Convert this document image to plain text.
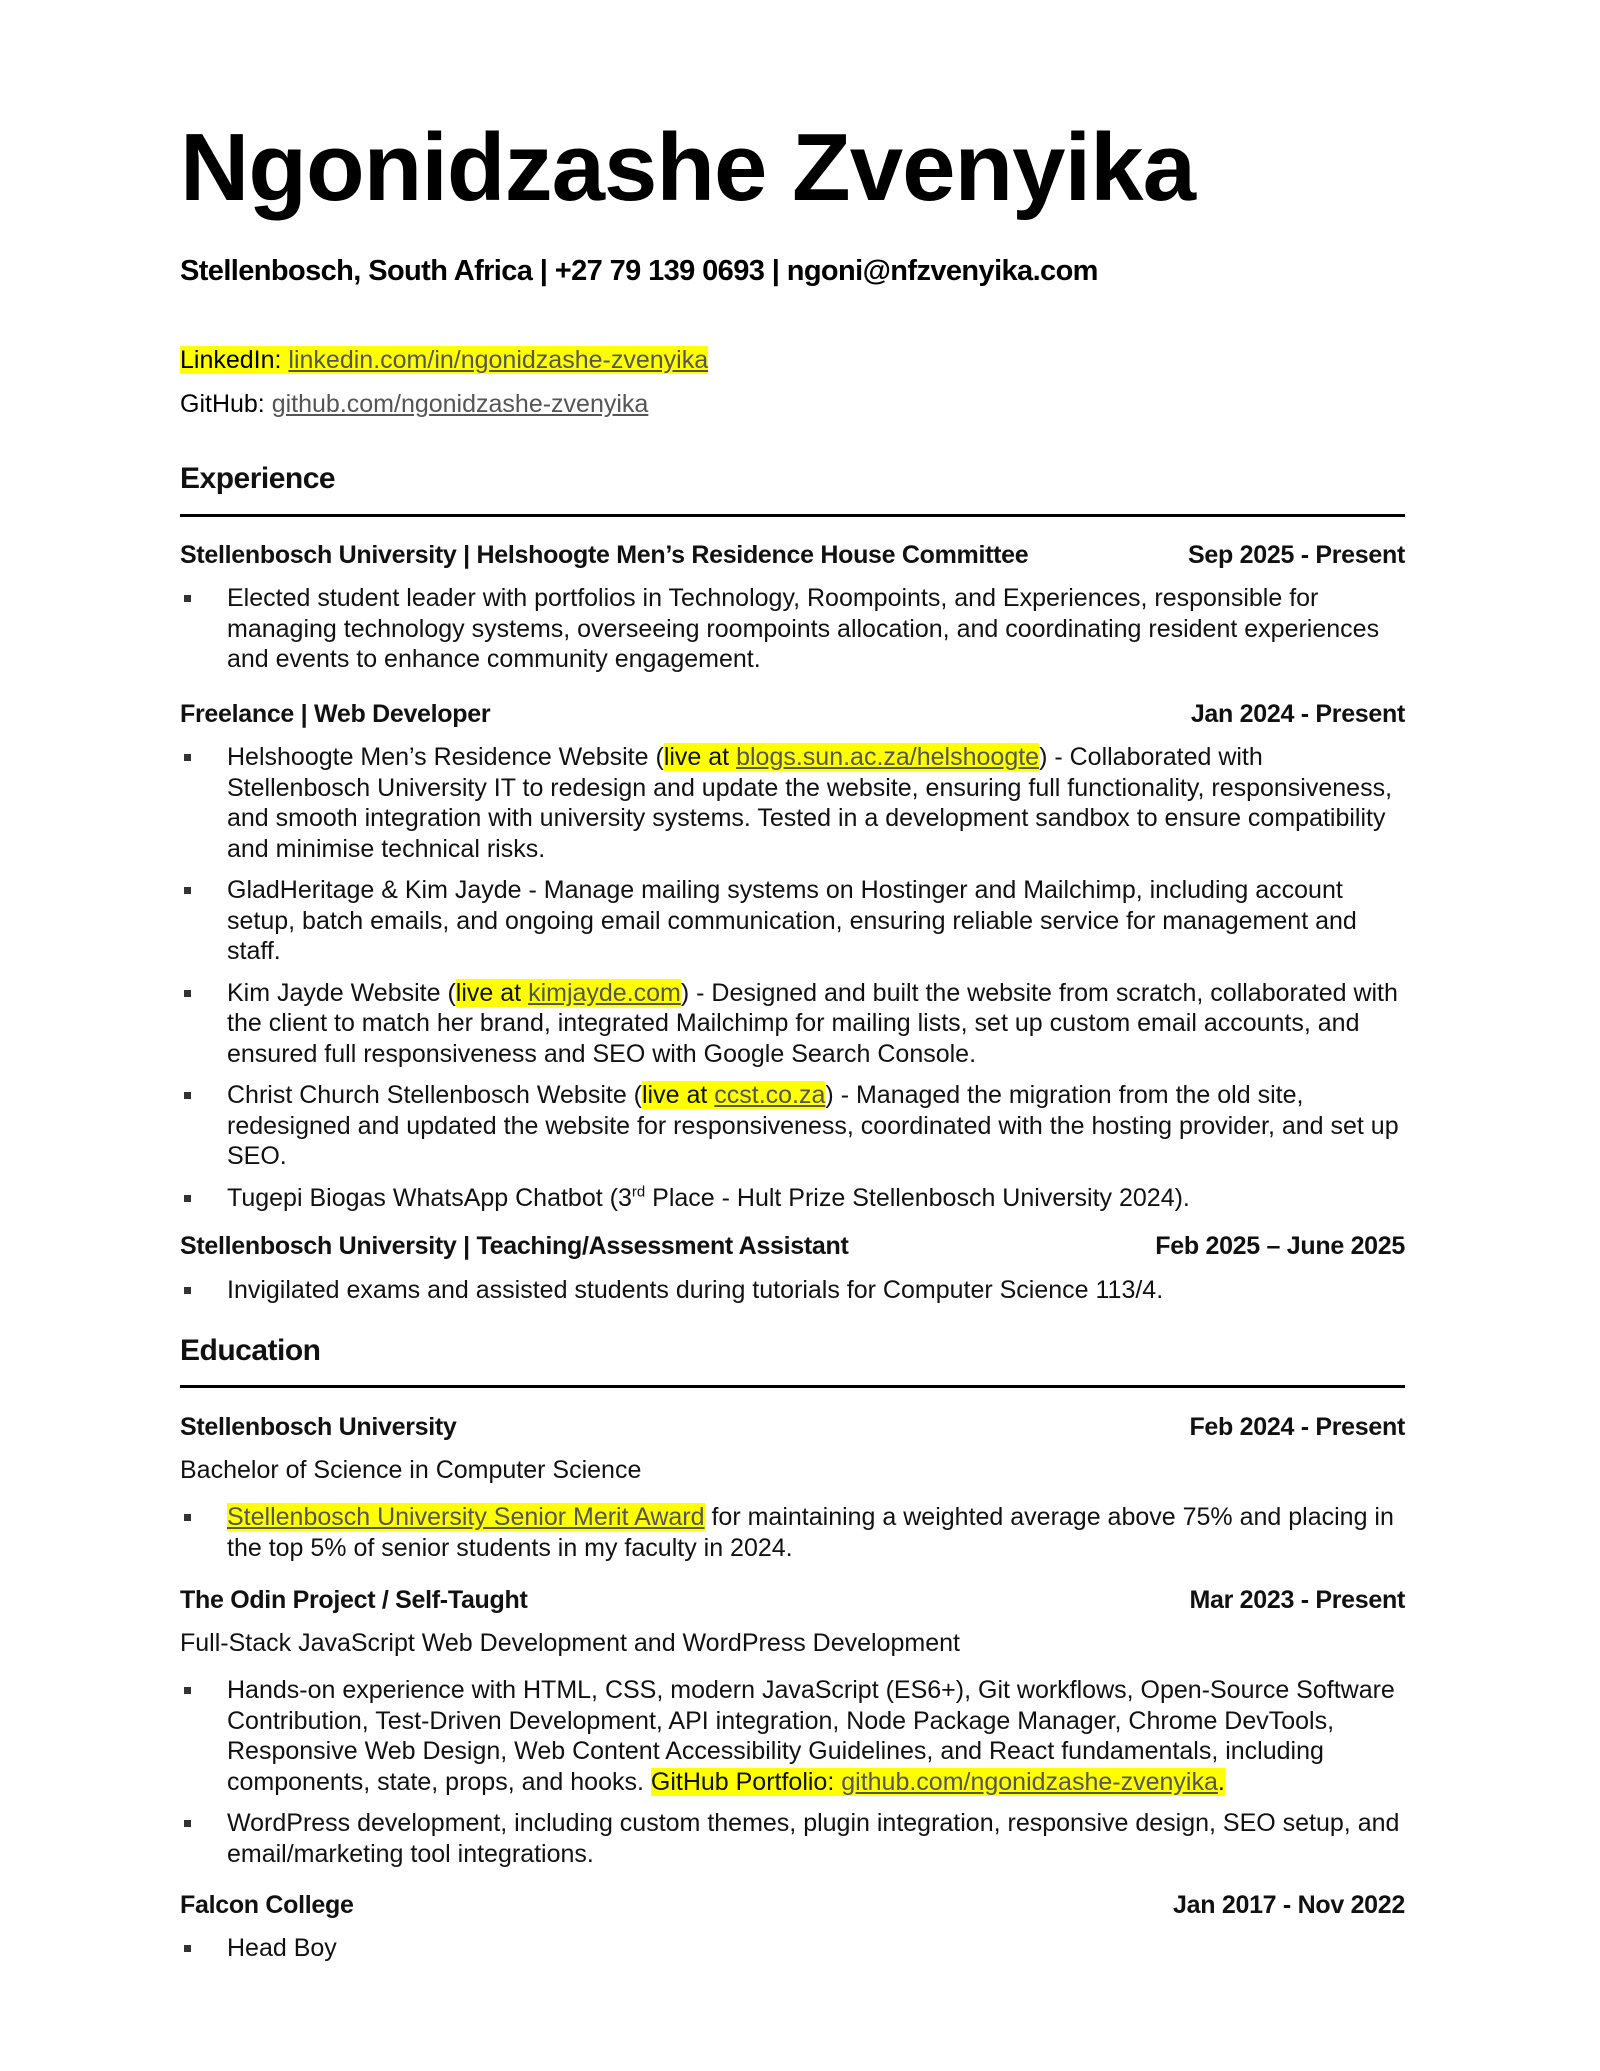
Ngonidzashe Zvenyika
Stellenbosch, South Africa | +27 79 139 0693 | ngoni@nfzvenyika.com
LinkedIn: linkedin.com/in/ngonidzashe-zvenyika
GitHub: github.com/ngonidzashe-zvenyika
Experience
Stellenbosch University | Helshoogte Men’s Residence House Committee	Sep 2025 - Present
Elected student leader with portfolios in Technology, Roompoints, and Experiences, responsible for managing technology systems, overseeing roompoints allocation, and coordinating resident experiences and events to enhance community engagement.
Freelance | Web Developer	Jan 2024 - Present
Helshoogte Men’s Residence Website (live at blogs.sun.ac.za/helshoogte) - Collaborated with Stellenbosch University IT to redesign and update the website, ensuring full functionality, responsiveness, and smooth integration with university systems. Tested in a development sandbox to ensure compatibility and minimise technical risks.
GladHeritage & Kim Jayde - Manage mailing systems on Hostinger and Mailchimp, including account setup, batch emails, and ongoing email communication, ensuring reliable service for management and staff.
Kim Jayde Website (live at kimjayde.com) - Designed and built the website from scratch, collaborated with the client to match her brand, integrated Mailchimp for mailing lists, set up custom email accounts, and ensured full responsiveness and SEO with Google Search Console.
Christ Church Stellenbosch Website (live at ccst.co.za) - Managed the migration from the old site, redesigned and updated the website for responsiveness, coordinated with the hosting provider, and set up SEO.
Tugepi Biogas WhatsApp Chatbot (3rd Place - Hult Prize Stellenbosch University 2024).
Stellenbosch University | Teaching/Assessment Assistant	Feb 2025 – June 2025
Invigilated exams and assisted students during tutorials for Computer Science 113/4.
Education
Stellenbosch University	Feb 2024 - Present
Bachelor of Science in Computer Science
Stellenbosch University Senior Merit Award for maintaining a weighted average above 75% and placing in the top 5% of senior students in my faculty in 2024.
The Odin Project / Self-Taught	Mar 2023 - Present
Full-Stack JavaScript Web Development and WordPress Development
Hands-on experience with HTML, CSS, modern JavaScript (ES6+), Git workflows, Open-Source Software Contribution, Test-Driven Development, API integration, Node Package Manager, Chrome DevTools, Responsive Web Design, Web Content Accessibility Guidelines, and React fundamentals, including components, state, props, and hooks. GitHub Portfolio: github.com/ngonidzashe-zvenyika.
WordPress development, including custom themes, plugin integration, responsive design, SEO setup, and email/marketing tool integrations.
Falcon College	Jan 2017 - Nov 2022
Head Boy
